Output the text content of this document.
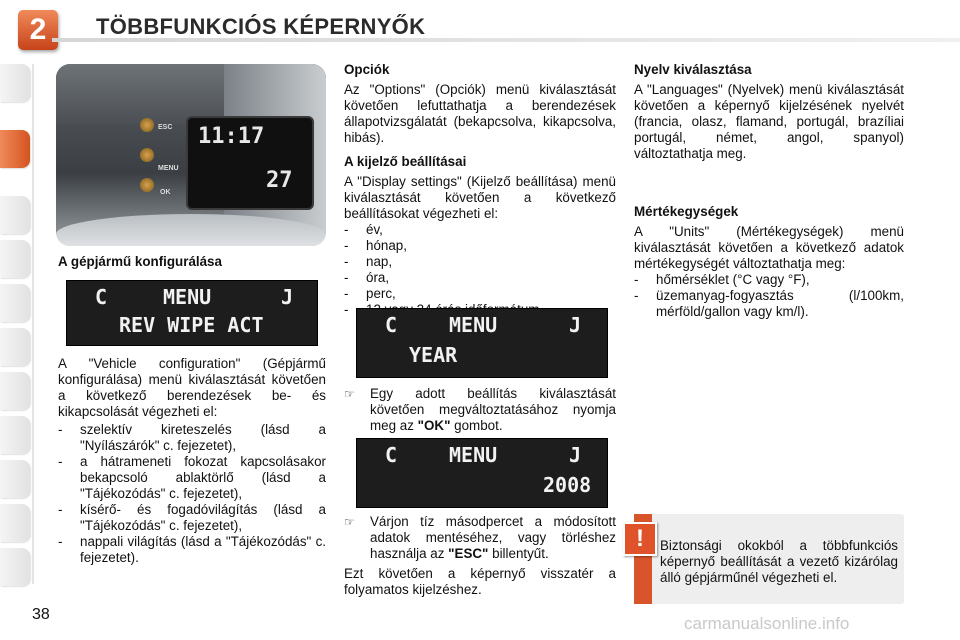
2	TÖBBFUNKCIÓS KÉPERNYŐK
11:17
27
ESC
MENU
OK
A gépjármű konfigurálása
C	MENU	J
REV WIPE ACT

A "Vehicle configuration" (Gépjármű konfigurálása) menü kiválasztását követően a következő berendezések be- és kikapcsolását végezheti el:

- szelektív kireteszelés (lásd a "Nyílászárók" c. fejezetet),
- a hátrameneti fokozat kapcsolásakor bekapcsoló ablaktörlő (lásd a "Tájékozódás" c. fejezetet),
- kísérő- és fogadóvilágítás (lásd a "Tájékozódás" c. fejezetet),
- nappali világítás (lásd a "Tájékozódás" c. fejezetet).
Opciók

Az "Options" (Opciók) menü kiválasztását követően lefuttathatja a berendezések állapotvizsgálatát (bekapcsolva, kikapcsolva, hibás).

A kijelző beállításai

A "Display settings" (Kijelző beállítása) menü kiválasztását követően a következő beállításokat végezheti el:

- év,
- hónap,
- nap,
- óra,
- perc,
-
C	MENU	J
YEAR
☞ Egy adott beállítás kiválasztását követően megváltoztatásához nyomja meg az "OK" gombot.
C	MENU	J
2008
☞ Várjon tíz másodpercet a módosított adatok mentéséhez, vagy törléshez használja az "ESC" billentyűt.

Ezt követően a képernyő visszatér a folyamatos kijelzéshez.

Nyelv kiválasztása

A "Languages" (Nyelvek) menü kiválasztását követően a képernyő kijelzésének nyelvét (francia, olasz, flamand, portugál, brazíliai portugál, német, angol, spanyol) változtathatja meg.

Mértékegységek

A "Units" (Mértékegységek) menü kiválasztását követően a következő adatok mértékegységét változtathatja meg:

- hőmérséklet (°C vagy °F),
- üzemanyag-fogyasztás (l/100km, mérföld/gallon vagy km/l).
!	Biztonsági okokból a többfunkciós képernyő beállítását a vezető kizárólag álló gépjárműnél végezheti el.
38	carmanualsonline.info
